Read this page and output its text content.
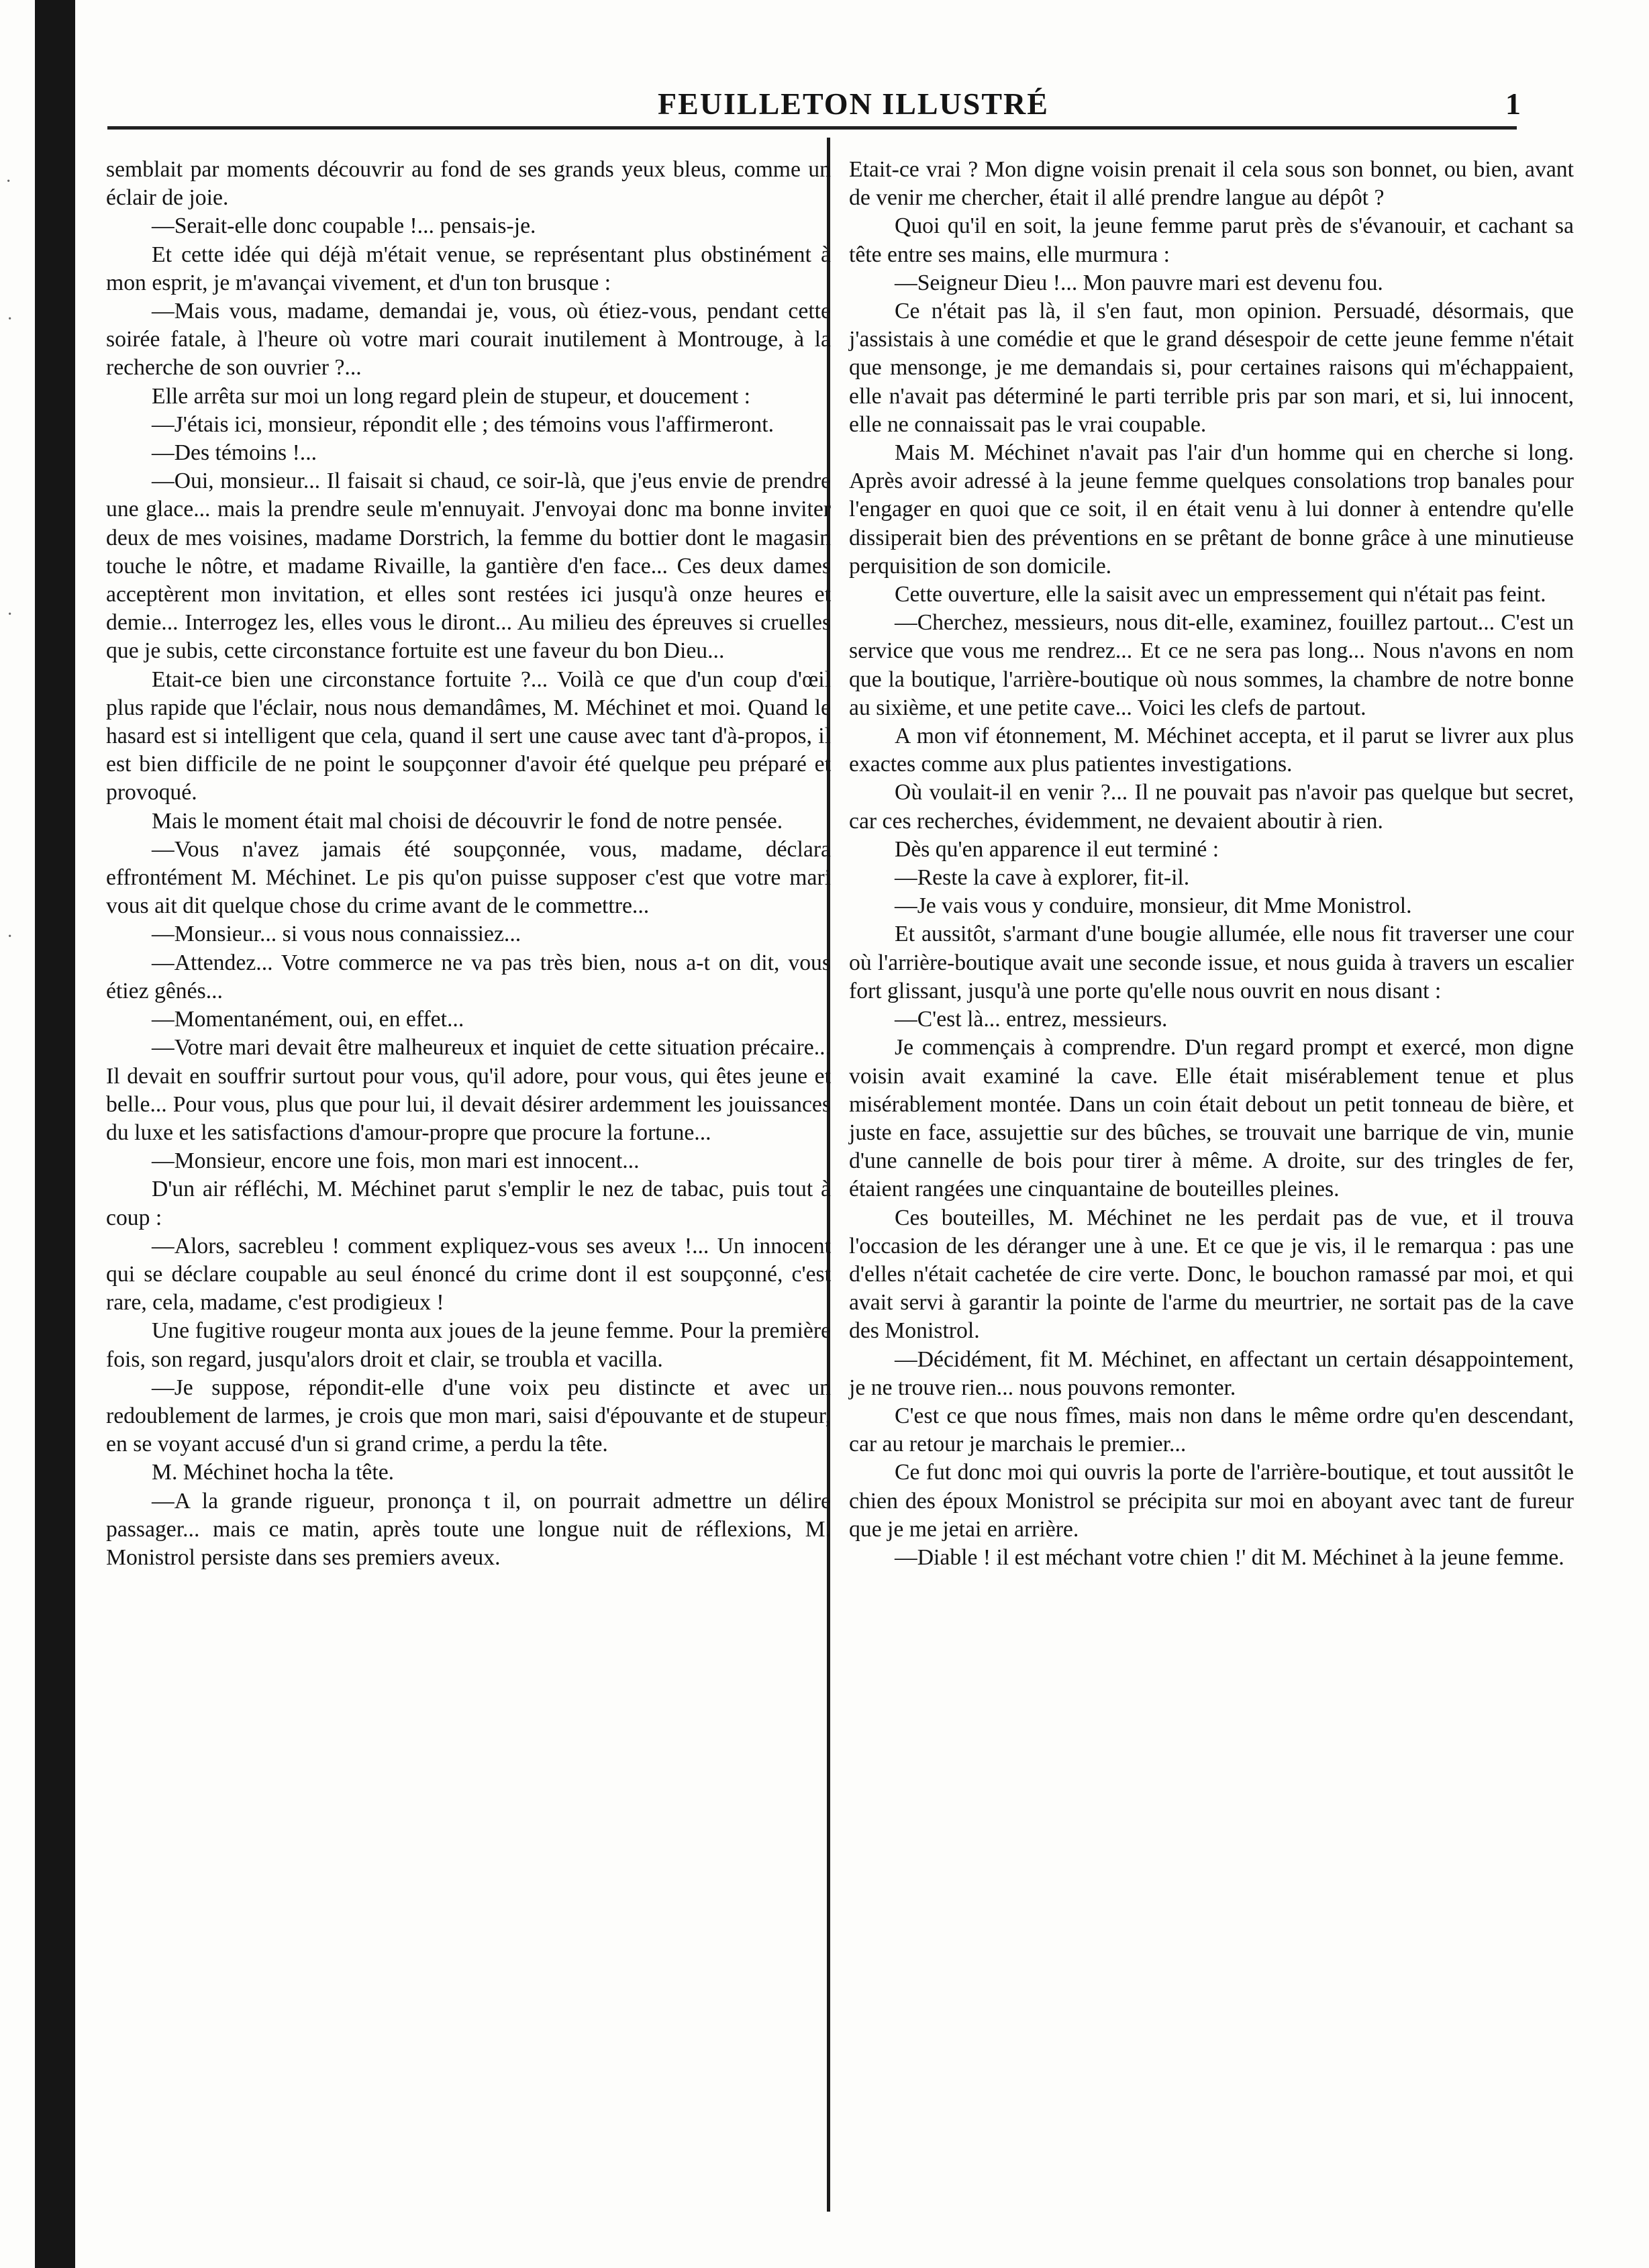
·
·
·
·
FEUILLETON ILLUSTRÉ	1

semblait par moments découvrir au fond de ses grands yeux bleus, comme un éclair de joie.

—Serait-elle donc coupable !... pensais-je.

Et cette idée qui déjà m'était venue, se représentant plus obstinément à mon esprit, je m'avançai vivement, et d'un ton brusque :

—Mais vous, madame, demandai je, vous, où étiez-vous, pendant cette soirée fatale, à l'heure où votre mari courait inutilement à Montrouge, à la recherche de son ouvrier ?...

Elle arrêta sur moi un long regard plein de stupeur, et doucement :

—J'étais ici, monsieur, répondit elle ; des témoins vous l'affirmeront.

—Des témoins !...

—Oui, monsieur... Il faisait si chaud, ce soir-là, que j'eus envie de prendre une glace... mais la prendre seule m'ennuyait. J'envoyai donc ma bonne inviter deux de mes voisines, madame Dorstrich, la femme du bottier dont le magasin touche le nôtre, et madame Rivaille, la gantière d'en face... Ces deux dames acceptèrent mon invitation, et elles sont restées ici jusqu'à onze heures et demie... Interrogez les, elles vous le diront... Au milieu des épreuves si cruelles que je subis, cette circonstance fortuite est une faveur du bon Dieu...

Etait-ce bien une circonstance fortuite ?... Voilà ce que d'un coup d'œil plus rapide que l'éclair, nous nous demandâmes, M. Méchinet et moi. Quand le hasard est si intelligent que cela, quand il sert une cause avec tant d'à-propos, il est bien difficile de ne point le soupçonner d'avoir été quelque peu préparé et provoqué.

Mais le moment était mal choisi de découvrir le fond de notre pensée.

—Vous n'avez jamais été soupçonnée, vous, madame, déclara effrontément M. Méchinet. Le pis qu'on puisse supposer c'est que votre mari vous ait dit quelque chose du crime avant de le commettre...

—Monsieur... si vous nous connaissiez...

—Attendez... Votre commerce ne va pas très bien, nous a-t on dit, vous étiez gênés...

—Momentanément, oui, en effet...

—Votre mari devait être malheureux et inquiet de cette situation précaire... Il devait en souffrir surtout pour vous, qu'il adore, pour vous, qui êtes jeune et belle... Pour vous, plus que pour lui, il devait désirer ardemment les jouissances du luxe et les satisfactions d'amour-propre que procure la fortune...

—Monsieur, encore une fois, mon mari est innocent...

D'un air réfléchi, M. Méchinet parut s'emplir le nez de tabac, puis tout à coup :

—Alors, sacrebleu ! comment expliquez-vous ses aveux !... Un innocent qui se déclare coupable au seul énoncé du crime dont il est soupçonné, c'est rare, cela, madame, c'est prodigieux !

Une fugitive rougeur monta aux joues de la jeune femme. Pour la première fois, son regard, jusqu'alors droit et clair, se troubla et vacilla.

—Je suppose, répondit-elle d'une voix peu distincte et avec un redoublement de larmes, je crois que mon mari, saisi d'épouvante et de stupeur, en se voyant accusé d'un si grand crime, a perdu la tête.

M. Méchinet hocha la tête.

—A la grande rigueur, prononça t il, on pourrait admettre un délire passager... mais ce matin, après toute une longue nuit de réflexions, M. Monistrol persiste dans ses premiers aveux.

Etait-ce vrai ? Mon digne voisin prenait il cela sous son bonnet, ou bien, avant de venir me chercher, était il allé prendre langue au dépôt ?

Quoi qu'il en soit, la jeune femme parut près de s'évanouir, et cachant sa tête entre ses mains, elle murmura :

—Seigneur Dieu !... Mon pauvre mari est devenu fou.

Ce n'était pas là, il s'en faut, mon opinion. Persuadé, désormais, que j'assistais à une comédie et que le grand désespoir de cette jeune femme n'était que mensonge, je me demandais si, pour certaines raisons qui m'échappaient, elle n'avait pas déterminé le parti terrible pris par son mari, et si, lui innocent, elle ne connaissait pas le vrai coupable.

Mais M. Méchinet n'avait pas l'air d'un homme qui en cherche si long. Après avoir adressé à la jeune femme quelques consolations trop banales pour l'engager en quoi que ce soit, il en était venu à lui donner à entendre qu'elle dissiperait bien des préventions en se prêtant de bonne grâce à une minutieuse perquisition de son domicile.

Cette ouverture, elle la saisit avec un empressement qui n'était pas feint.

—Cherchez, messieurs, nous dit-elle, examinez, fouillez partout... C'est un service que vous me rendrez... Et ce ne sera pas long... Nous n'avons en nom que la boutique, l'arrière-boutique où nous sommes, la chambre de notre bonne au sixième, et une petite cave... Voici les clefs de partout.

A mon vif étonnement, M. Méchinet accepta, et il parut se livrer aux plus exactes comme aux plus patientes investigations.

Où voulait-il en venir ?... Il ne pouvait pas n'avoir pas quelque but secret, car ces recherches, évidemment, ne devaient aboutir à rien.

Dès qu'en apparence il eut terminé :

—Reste la cave à explorer, fit-il.

—Je vais vous y conduire, monsieur, dit Mme Monistrol.

Et aussitôt, s'armant d'une bougie allumée, elle nous fit traverser une cour où l'arrière-boutique avait une seconde issue, et nous guida à travers un escalier fort glissant, jusqu'à une porte qu'elle nous ouvrit en nous disant :

—C'est là... entrez, messieurs.

Je commençais à comprendre. D'un regard prompt et exercé, mon digne voisin avait examiné la cave. Elle était misérablement tenue et plus misérablement montée. Dans un coin était debout un petit tonneau de bière, et juste en face, assujettie sur des bûches, se trouvait une barrique de vin, munie d'une cannelle de bois pour tirer à même. A droite, sur des tringles de fer, étaient rangées une cinquantaine de bouteilles pleines.

Ces bouteilles, M. Méchinet ne les perdait pas de vue, et il trouva l'occasion de les déranger une à une. Et ce que je vis, il le remarqua : pas une d'elles n'était cachetée de cire verte. Donc, le bouchon ramassé par moi, et qui avait servi à garantir la pointe de l'arme du meurtrier, ne sortait pas de la cave des Monistrol.

—Décidément, fit M. Méchinet, en affectant un certain désappointement, je ne trouve rien... nous pouvons remonter.

C'est ce que nous fîmes, mais non dans le même ordre qu'en descendant, car au retour je marchais le premier...

Ce fut donc moi qui ouvris la porte de l'arrière-boutique, et tout aussitôt le chien des époux Monistrol se précipita sur moi en aboyant avec tant de fureur que je me jetai en arrière.

—Diable ! il est méchant votre chien !' dit M. Méchinet à la jeune femme.
